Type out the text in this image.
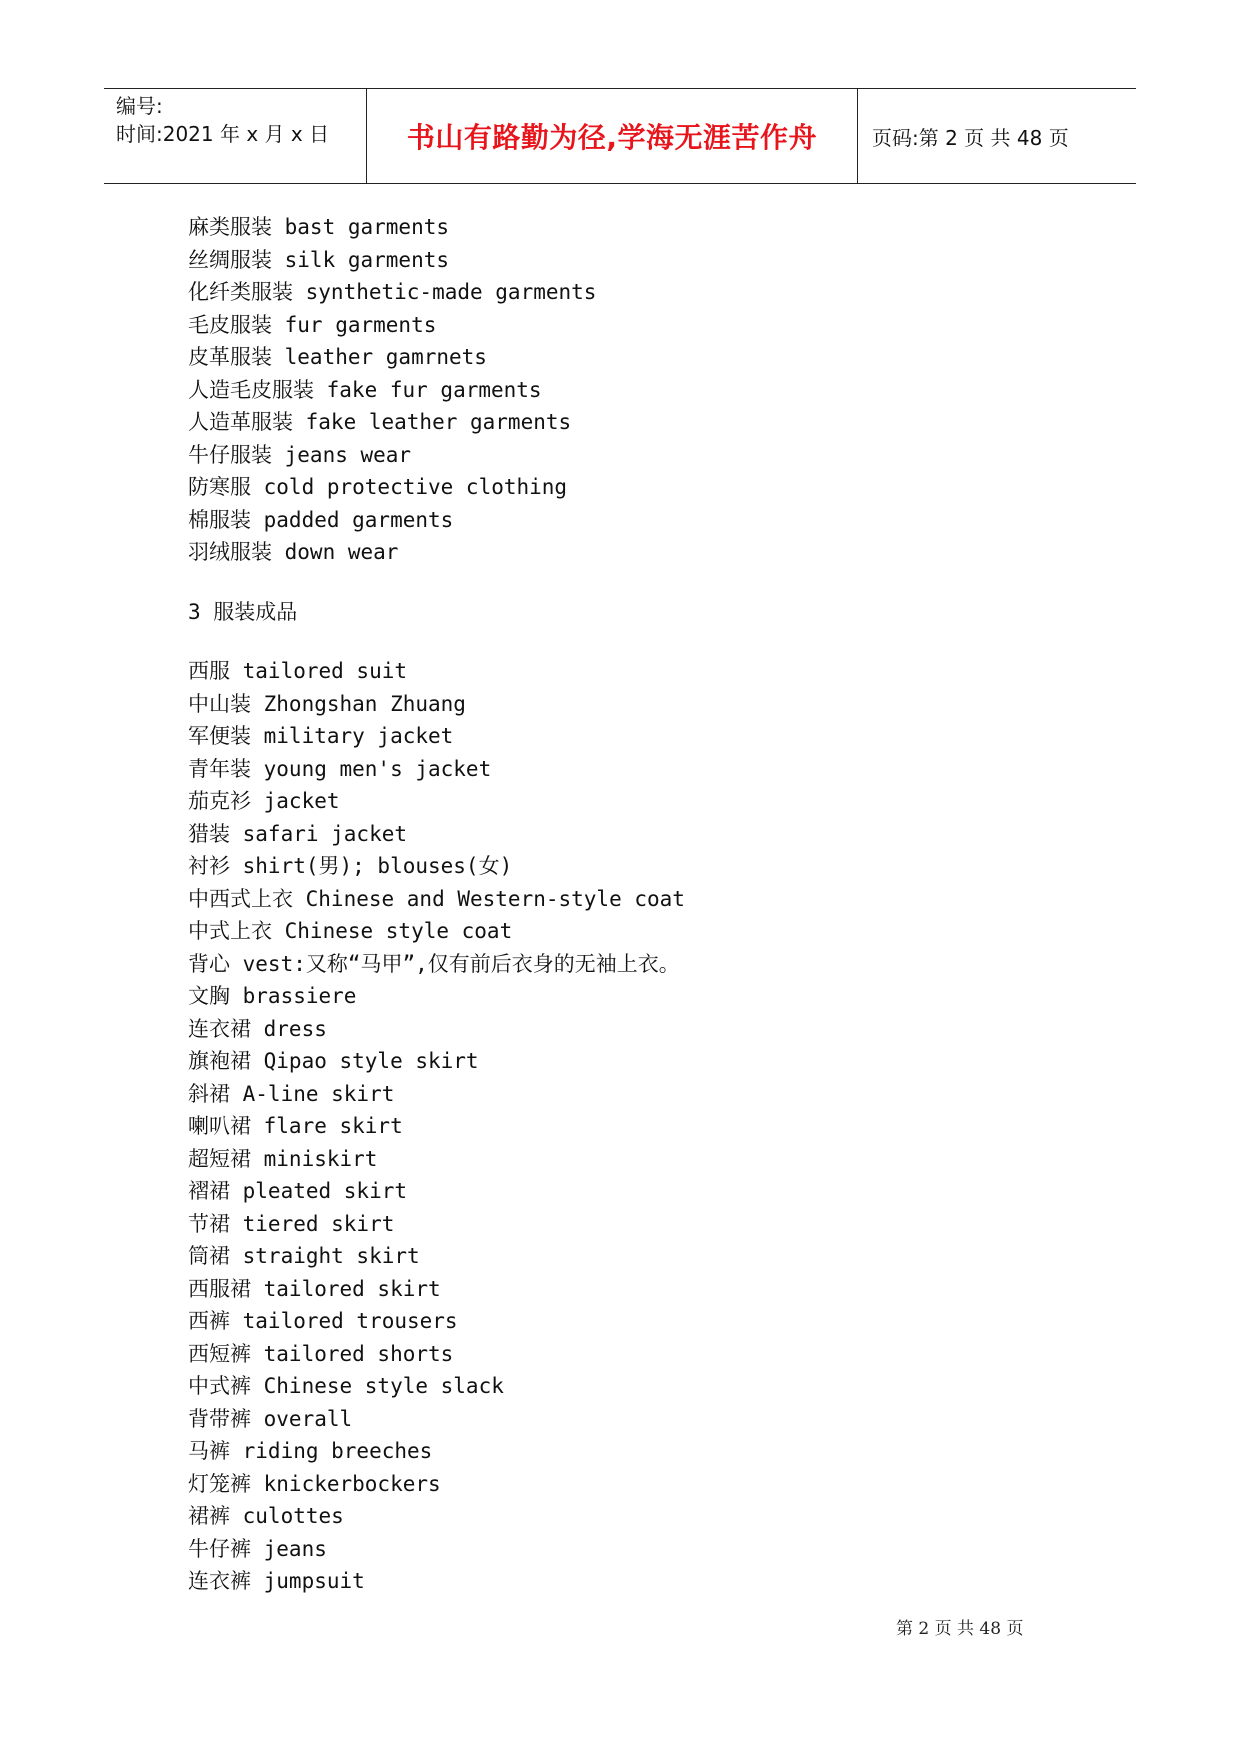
编号:
时间:2021 年 x 月 x 日	书山有路勤为径,学海无涯苦作舟	页码:第 2 页 共 48 页
麻类服装 bast garments
丝绸服装 silk garments
化纤类服装 synthetic-made garments
毛皮服装 fur garments
皮革服装 leather gamrnets
人造毛皮服装 fake fur garments
人造革服装 fake leather garments
牛仔服装 jeans wear
防寒服 cold protective clothing
棉服装 padded garments
羽绒服装 down wear
3 服装成品
西服 tailored suit
中山装 Zhongshan Zhuang
军便装 military jacket
青年装 young men's jacket
茄克衫 jacket
猎装 safari jacket
衬衫 shirt(男); blouses(女)
中西式上衣 Chinese and Western-style coat
中式上衣 Chinese style coat
背心 vest:又称“马甲”,仅有前后衣身的无袖上衣。
文胸 brassiere
连衣裙 dress
旗袍裙 Qipao style skirt
斜裙 A-line skirt
喇叭裙 flare skirt
超短裙 miniskirt
褶裙 pleated skirt
节裙 tiered skirt
筒裙 straight skirt
西服裙 tailored skirt
西裤 tailored trousers
西短裤 tailored shorts
中式裤 Chinese style slack
背带裤 overall
马裤 riding breeches
灯笼裤 knickerbockers
裙裤 culottes
牛仔裤 jeans
连衣裤 jumpsuit
第 2 页 共 48 页
